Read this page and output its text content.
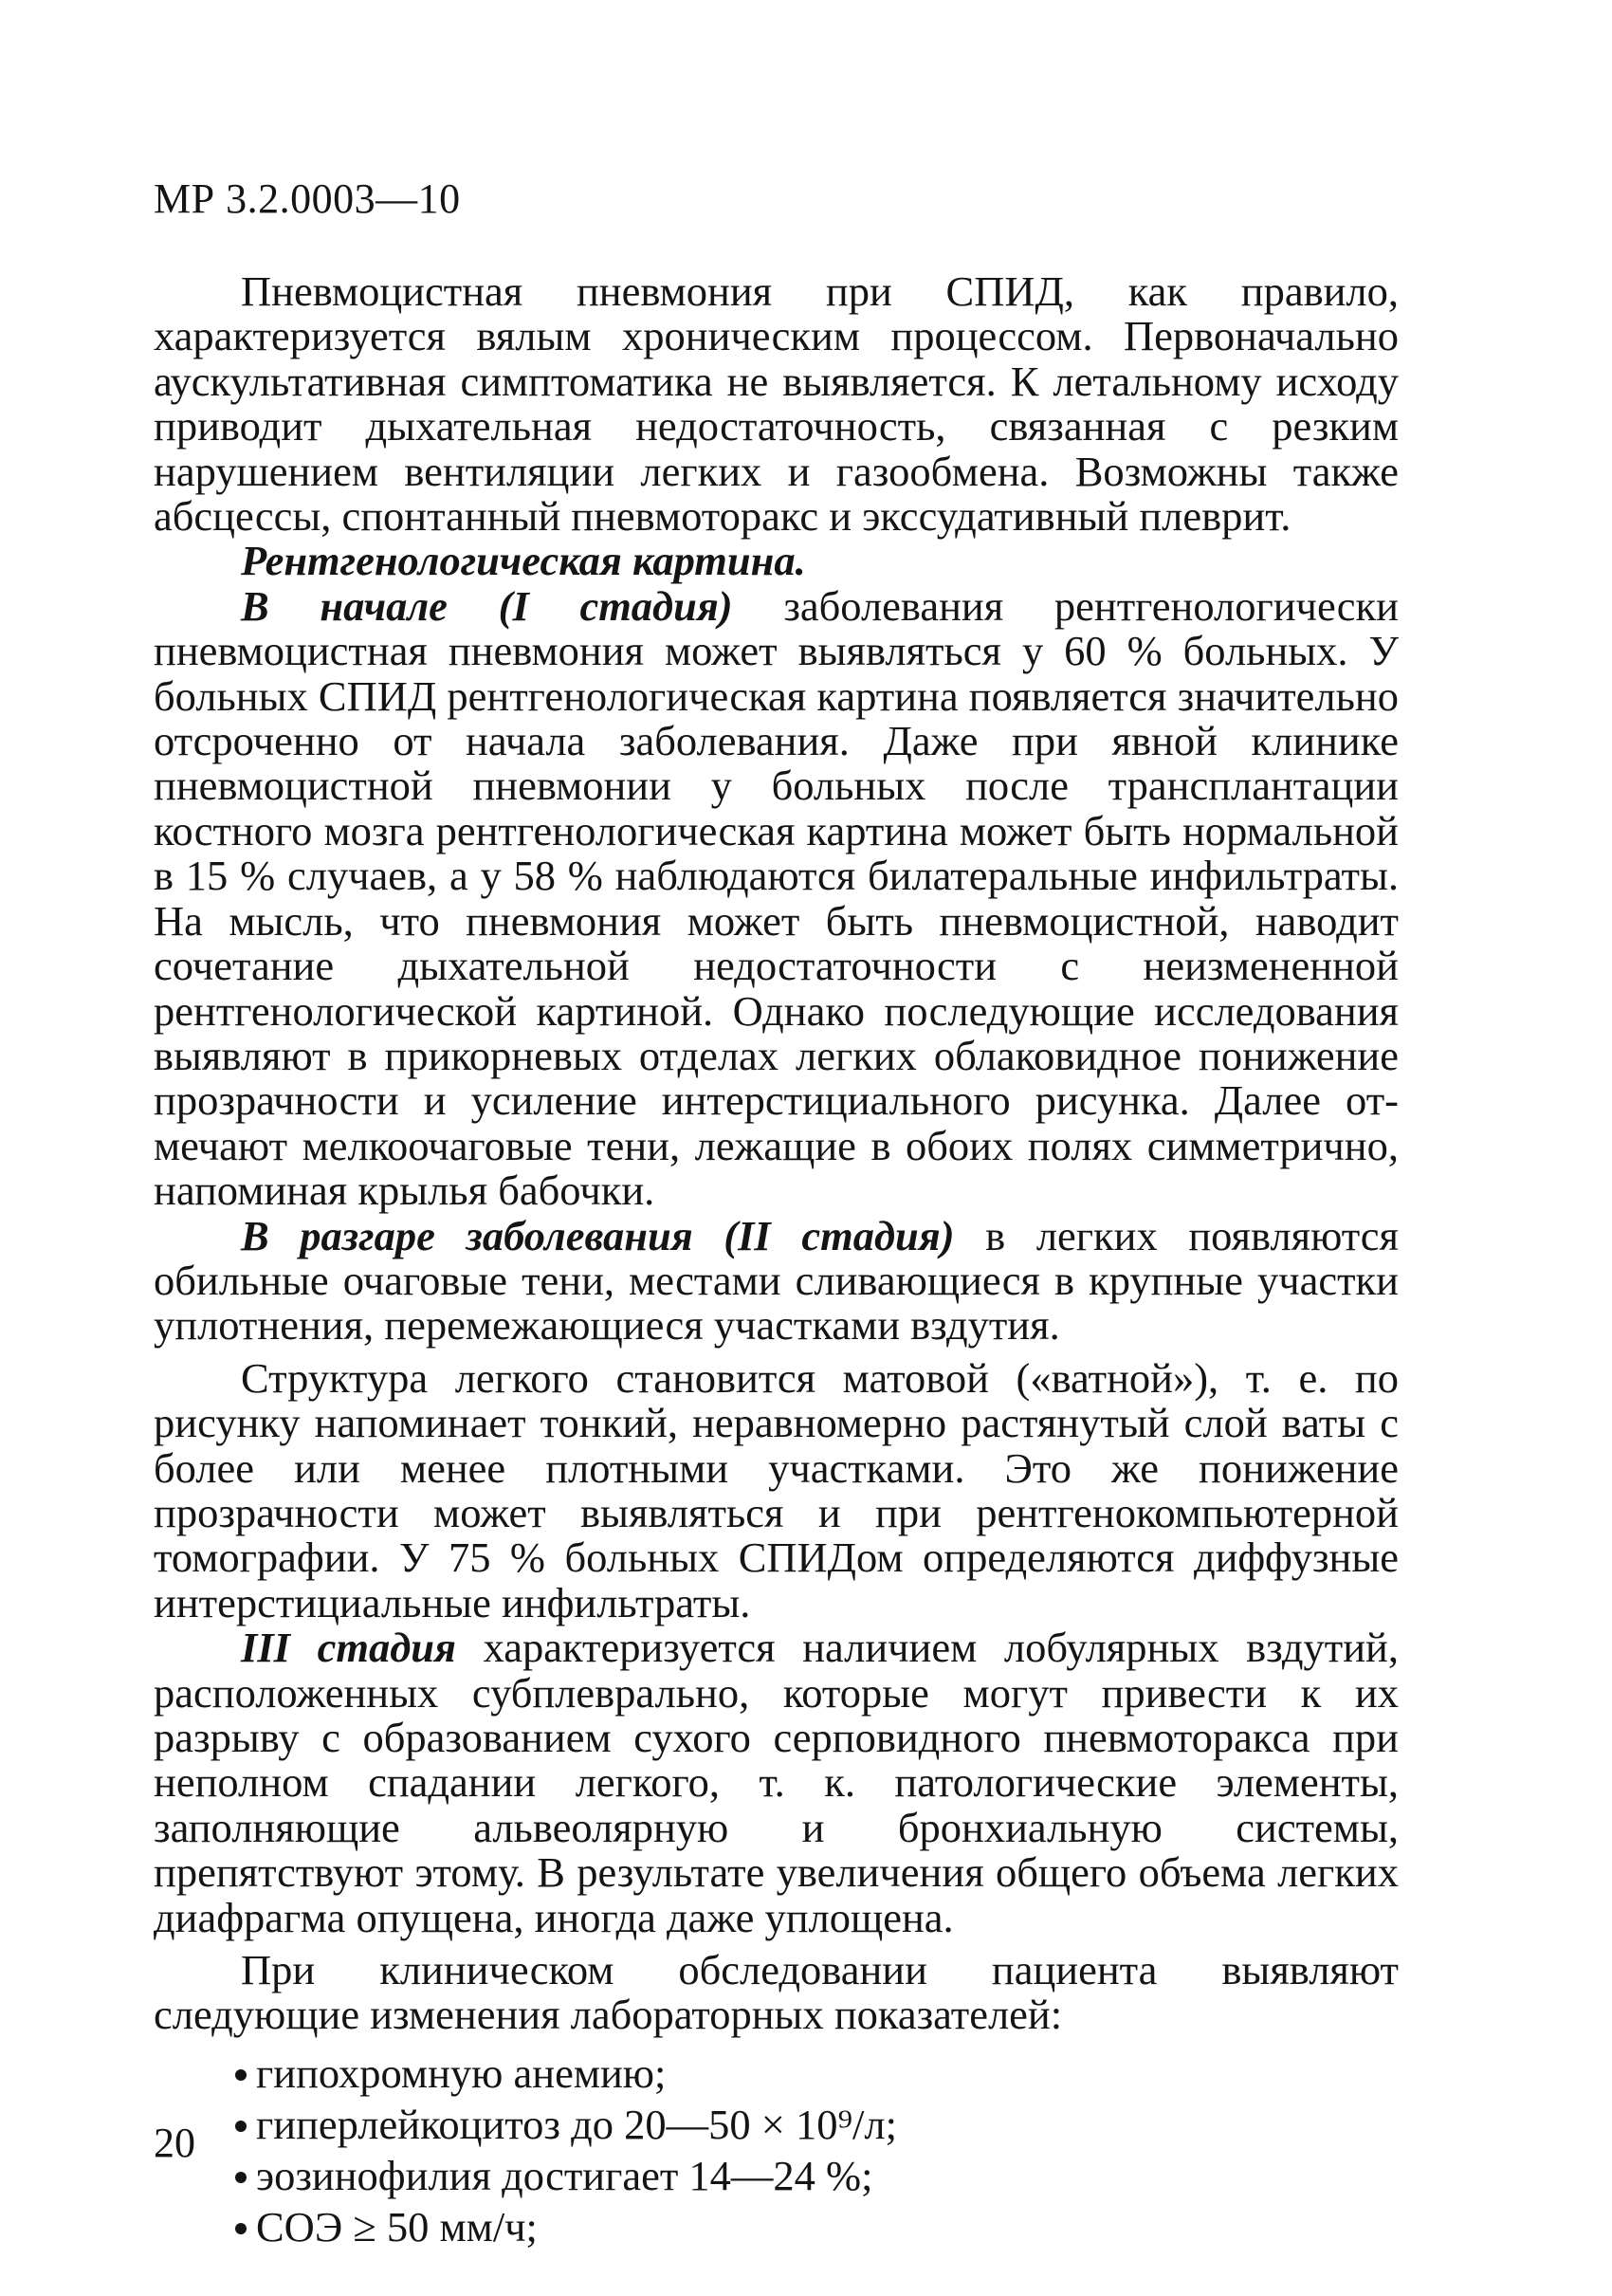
МР 3.2.0003—10

Пневмоцистная пневмония при СПИД, как правило, характеризуется вялым хроническим процессом. Первоначально аускультативная симптоматика не выявляется. К летальному исходу приводит дыхательная недостаточность, связанная с резким нарушением вентиляции легких и газообмена. Возможны также абсцессы, спонтанный пневмоторакс и экссудативный плеврит.

Рентгенологическая картина.

В начале (I стадия) заболевания рентгенологически пневмоцистная пневмония может выявляться у 60 % больных. У больных СПИД рентгенологическая картина появляется значительно отсроченно от начала заболевания. Даже при явной клинике пневмоцистной пневмонии у больных после трансплантации костного мозга рентгенологическая картина может быть нормальной в 15 % случаев, а у 58 % наблюдаются билатеральные инфильтраты. На мысль, что пневмония может быть пневмоцистной, наводит сочетание дыхательной недостаточности с неизмененной рентгенологической картиной. Однако последующие исследования выявляют в прикорневых отделах легких облаковидное понижение прозрачности и усиление интерстициального рисунка. Далее отмечают мелкоочаговые тени, лежащие в обоих полях симметрично, напоминая крылья бабочки.

В разгаре заболевания (II стадия) в легких появляются обильные очаговые тени, местами сливающиеся в крупные участки уплотнения, перемежающиеся участками вздутия.

Структура легкого становится матовой («ватной»), т. е. по рисунку напоминает тонкий, неравномерно растянутый слой ваты с более или менее плотными участками. Это же понижение прозрачности может выявляться и при рентгенокомпьютерной томографии. У 75 % больных СПИДом определяются диффузные интерстициальные инфильтраты.

III стадия характеризуется наличием лобулярных вздутий, расположенных субплеврально, которые могут привести к их разрыву с образованием сухого серповидного пневмоторакса при неполном спадании легкого, т. к. патологические элементы, заполняющие альвеолярную и бронхиальную системы, препятствуют этому. В результате увеличения общего объема легких диафрагма опущена, иногда даже уплощена.

При клиническом обследовании пациента выявляют следующие изменения лабораторных показателей:

гипохромную анемию;
гиперлейкоцитоз до 20—50 × 10⁹/л;
эозинофилия достигает 14—24 %;
СОЭ ≥ 50 мм/ч;
20
